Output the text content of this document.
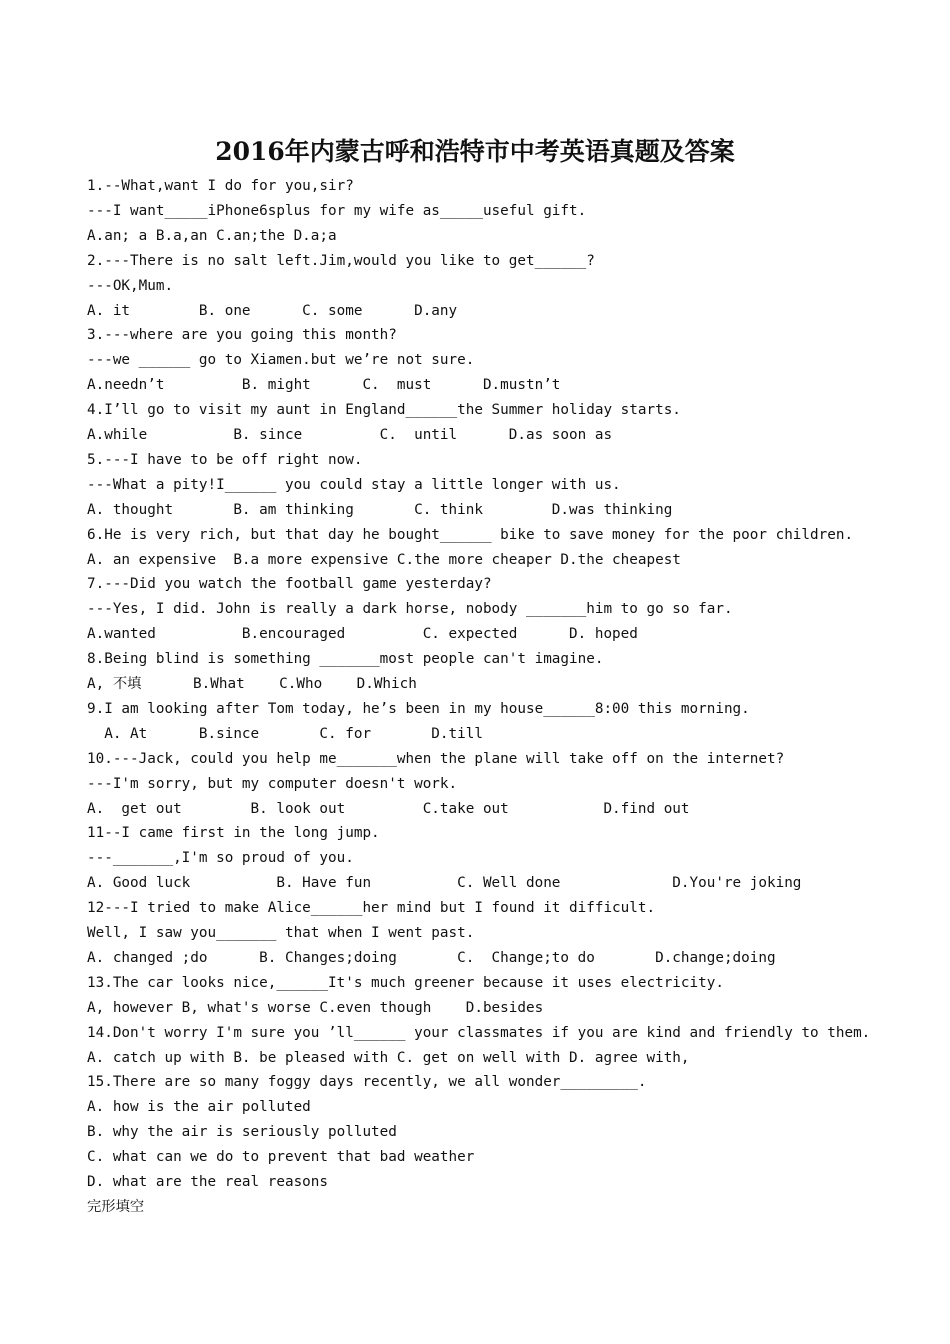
2016年内蒙古呼和浩特市中考英语真题及答案
1.--What,want I do for you,sir?
---I want_____iPhone6splus for my wife as_____useful gift.
A.an; a B.a,an C.an;the D.a;a
2.---There is no salt left.Jim,would you like to get______?
---OK,Mum.
A. it        B. one      C. some      D.any
3.---where are you going this month?
---we ______ go to Xiamen.but we’re not sure.
A.needn’t         B. might      C.  must      D.mustn’t
4.I’ll go to visit my aunt in England______the Summer holiday starts.
A.while          B. since         C.  until      D.as soon as
5.---I have to be off right now.
---What a pity!I______ you could stay a little longer with us.
A. thought       B. am thinking       C. think        D.was thinking
6.He is very rich, but that day he bought______ bike to save money for the poor children.
A. an expensive  B.a more expensive C.the more cheaper D.the cheapest
7.---Did you watch the football game yesterday?
---Yes, I did. John is really a dark horse, nobody _______him to go so far.
A.wanted          B.encouraged         C. expected      D. hoped
8.Being blind is something _______most people can't imagine.
A, 不填      B.What    C.Who    D.Which
9.I am looking after Tom today, he’s been in my house______8:00 this morning.
A. At      B.since       C. for       D.till
10.---Jack, could you help me_______when the plane will take off on the internet?
---I'm sorry, but my computer doesn't work.
A.  get out        B. look out         C.take out           D.find out
11--I came first in the long jump.
---_______,I'm so proud of you.
A. Good luck          B. Have fun          C. Well done             D.You're joking
12---I tried to make Alice______her mind but I found it difficult.
Well, I saw you_______ that when I went past.
A. changed ;do      B. Changes;doing       C.  Change;to do       D.change;doing
13.The car looks nice,______It's much greener because it uses electricity.
A, however B, what's worse C.even though    D.besides
14.Don't worry I'm sure you ’ll______ your classmates if you are kind and friendly to them.
A. catch up with B. be pleased with C. get on well with D. agree with,
15.There are so many foggy days recently, we all wonder_________.
A. how is the air polluted
B. why the air is seriously polluted
C. what can we do to prevent that bad weather
D. what are the real reasons
完形填空
